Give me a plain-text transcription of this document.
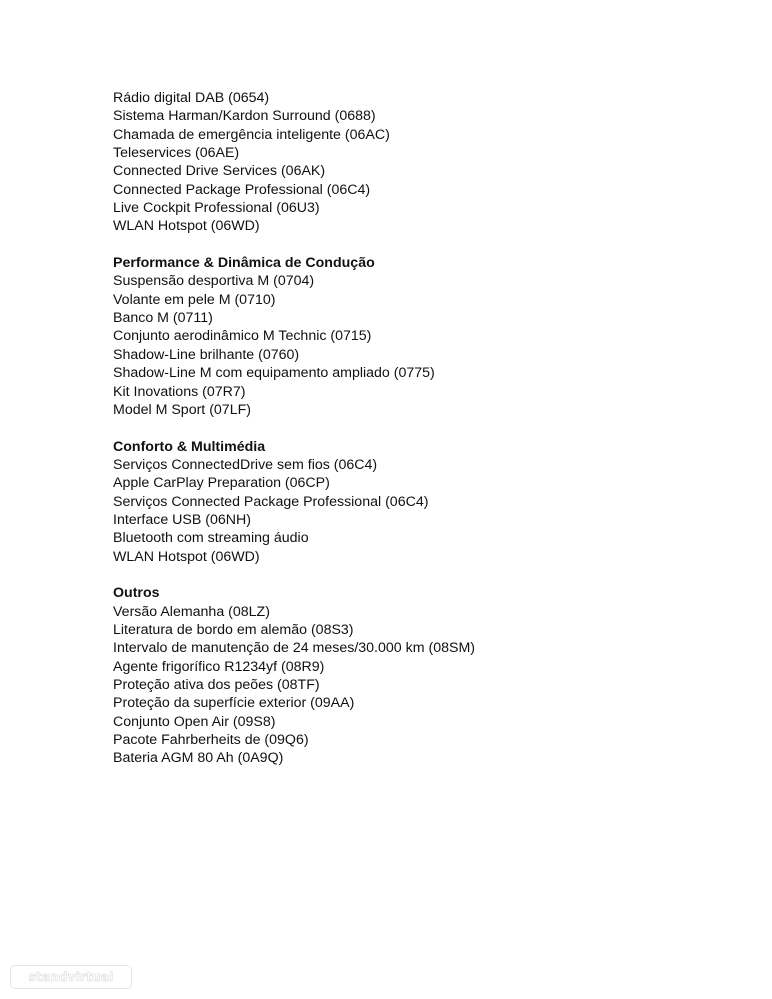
Rádio digital DAB (0654)
Sistema Harman/Kardon Surround (0688)
Chamada de emergência inteligente (06AC)
Teleservices (06AE)
Connected Drive Services (06AK)
Connected Package Professional (06C4)
Live Cockpit Professional (06U3)
WLAN Hotspot (06WD)
Performance & Dinâmica de Condução
Suspensão desportiva M (0704)
Volante em pele M (0710)
Banco M (0711)
Conjunto aerodinâmico M Technic (0715)
Shadow-Line brilhante (0760)
Shadow-Line M com equipamento ampliado (0775)
Kit Inovations (07R7)
Model M Sport (07LF)
Conforto & Multimédia
Serviços ConnectedDrive sem fios (06C4)
Apple CarPlay Preparation (06CP)
Serviços Connected Package Professional (06C4)
Interface USB (06NH)
Bluetooth com streaming áudio
WLAN Hotspot (06WD)
Outros
Versão Alemanha (08LZ)
Literatura de bordo em alemão (08S3)
Intervalo de manutenção de 24 meses/30.000 km (08SM)
Agente frigorífico R1234yf (08R9)
Proteção ativa dos peões (08TF)
Proteção da superfície exterior (09AA)
Conjunto Open Air (09S8)
Pacote Fahrberheits de (09Q6)
Bateria AGM 80 Ah (0A9Q)
standvirtual
